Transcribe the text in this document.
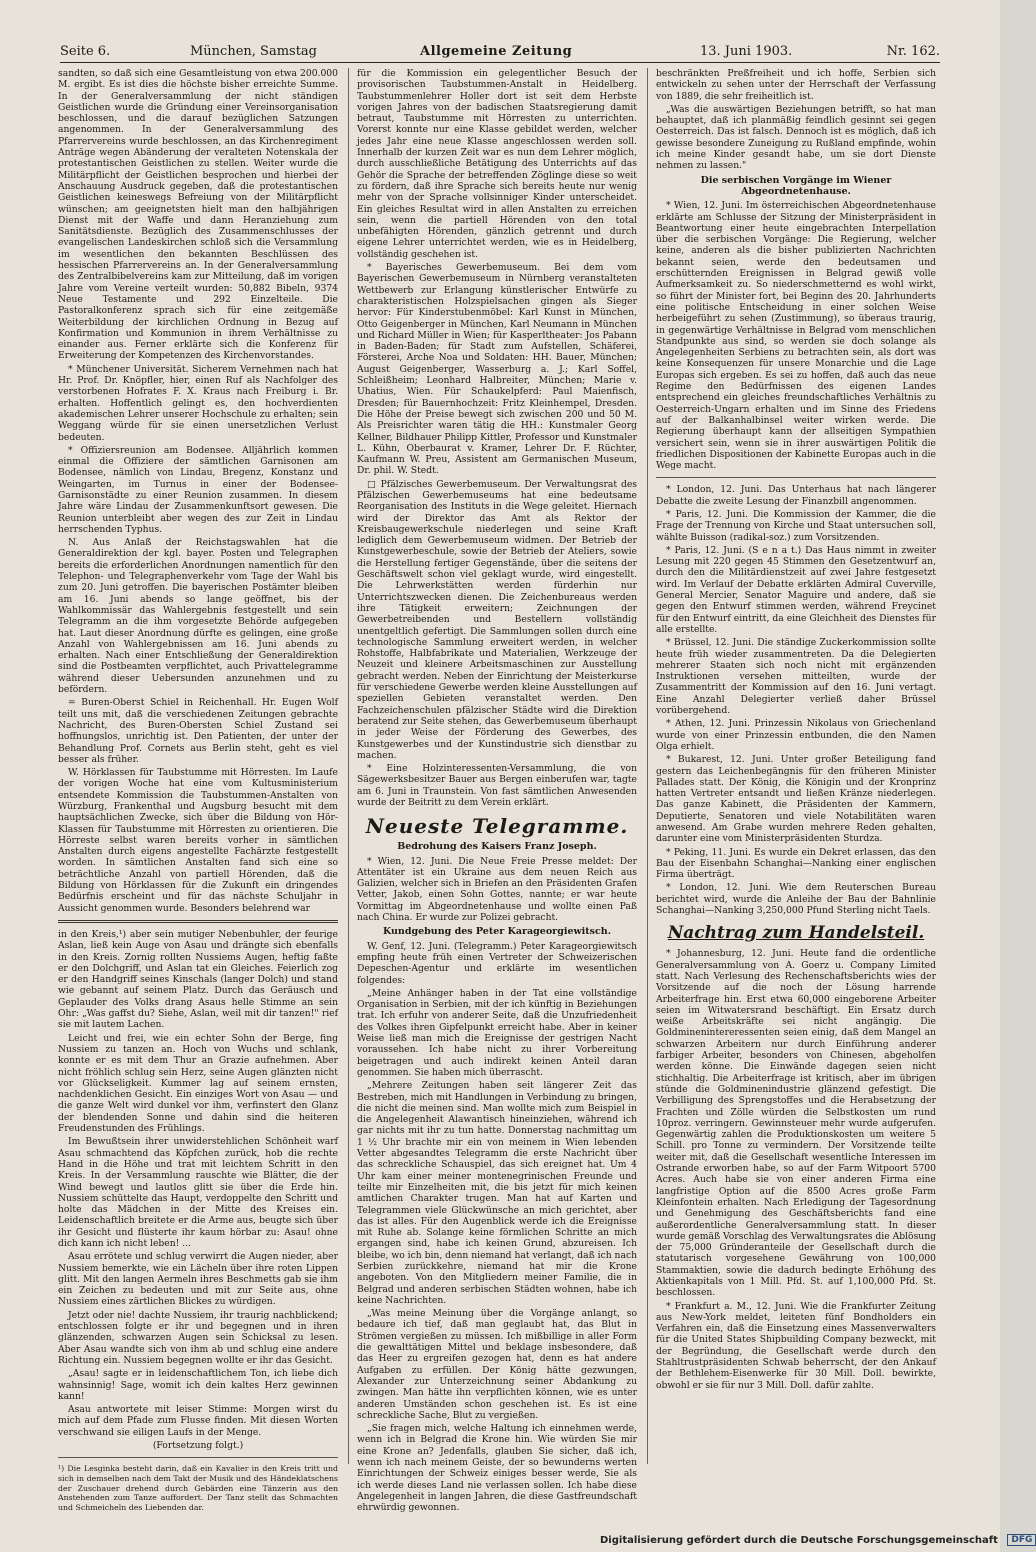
Seite 6.	München, Samstag	Allgemeine Zeitung	13. Juni 1903.	Nr. 162.

sandten, so daß sich eine Gesamtleistung von etwa 200.000 M. ergibt. Es ist dies die höchste bisher erreichte Summe. In der Generalversammlung der nicht ständigen Geistlichen wurde die Gründung einer Vereinsorganisation beschlossen, und die darauf bezüglichen Satzungen angenommen. In der Generalversammlung des Pfarrervereins wurde beschlossen, an das Kirchenregiment Anträge wegen Abänderung der veralteten Notenskala der protestantischen Geistlichen zu stellen. Weiter wurde die Militärpflicht der Geistlichen besprochen und hierbei der Anschauung Ausdruck gegeben, daß die protestantischen Geistlichen keineswegs Befreiung von der Militärpflicht wünschen; am geeignetsten hielt man den halbjährigen Dienst mit der Waffe und dann Heranziehung zum Sanitätsdienste. Bezüglich des Zusammenschlusses der evangelischen Landeskirchen schloß sich die Versammlung im wesentlichen den bekannten Beschlüssen des hessischen Pfarrervereins an. In der Generalversammlung des Zentralbibelvereins kam zur Mitteilung, daß im vorigen Jahre vom Vereine verteilt wurden: 50,882 Bibeln, 9374 Neue Testamente und 292 Einzelteile. Die Pastoralkonferenz sprach sich für eine zeitgemäße Weiterbildung der kirchlichen Ordnung in Bezug auf Konfirmation und Kommunion in ihrem Verhältnisse zu einander aus. Ferner erklärte sich die Konferenz für Erweiterung der Kompetenzen des Kirchenvorstandes.

* Münchener Universität. Sicherem Vernehmen nach hat Hr. Prof. Dr. Knöpfler, hier, einen Ruf als Nachfolger des verstorbenen Hofrates F. X. Kraus nach Freiburg i. Br. erhalten. Hoffentlich gelingt es, den hochverdienten akademischen Lehrer unserer Hochschule zu erhalten; sein Weggang würde für sie einen unersetzlichen Verlust bedeuten.

* Offiziersreunion am Bodensee. Alljährlich kommen einmal die Offiziere der sämtlichen Garnisonen am Bodensee, nämlich von Lindau, Bregenz, Konstanz und Weingarten, im Turnus in einer der Bodensee-Garnisonstädte zu einer Reunion zusammen. In diesem Jahre wäre Lindau der Zusammenkunftsort gewesen. Die Reunion unterbleibt aber wegen des zur Zeit in Lindau herrschenden Typhus.

N. Aus Anlaß der Reichstagswahlen hat die Generaldirektion der kgl. bayer. Posten und Telegraphen bereits die erforderlichen Anordnungen namentlich für den Telephon- und Telegraphenverkehr vom Tage der Wahl bis zum 20. Juni getroffen. Die bayerischen Postämter bleiben am 16. Juni abends so lange geöffnet, bis der Wahlkommissär das Wahlergebnis festgestellt und sein Telegramm an die ihm vorgesetzte Behörde aufgegeben hat. Laut dieser Anordnung dürfte es gelingen, eine große Anzahl von Wahlergebnissen am 16. Juni abends zu erhalten. Nach einer Entschließung der Generaldirektion sind die Postbeamten verpflichtet, auch Privattelegramme während dieser Uebersunden anzunehmen und zu befördern.

= Buren-Oberst Schiel in Reichenhall. Hr. Eugen Wolf teilt uns mit, daß die verschiedenen Zeitungen gebrachte Nachricht, des Buren-Obersten Schiel Zustand sei hoffnungslos, unrichtig ist. Den Patienten, der unter der Behandlung Prof. Cornets aus Berlin steht, geht es viel besser als früher.

W. Hörklassen für Taubstumme mit Hörresten. Im Laufe der vorigen Woche hat eine vom Kultusministerium entsendete Kommission die Taubstummen-Anstalten von Würzburg, Frankenthal und Augsburg besucht mit dem hauptsächlichen Zwecke, sich über die Bildung von Hör-Klassen für Taubstumme mit Hörresten zu orientieren. Die Hörreste selbst waren bereits vorher in sämtlichen Anstalten durch eigens angestellte Fachärzte festgestellt worden. In sämtlichen Anstalten fand sich eine so beträchtliche Anzahl von partiell Hörenden, daß die Bildung von Hörklassen für die Zukunft ein dringendes Bedürfnis erscheint und für das nächste Schuljahr in Aussicht genommen wurde. Besonders belehrend war

in den Kreis,¹) aber sein mutiger Nebenbuhler, der feurige Aslan, ließ kein Auge von Asau und drängte sich ebenfalls in den Kreis. Zornig rollten Nussiems Augen, heftig faßte er den Dolchgriff, und Aslan tat ein Gleiches. Feierlich zog er den Handgriff seines Kinschals (langer Dolch) und stand wie gebannt auf seinem Platz. Durch das Geräusch und Geplauder des Volks drang Asaus helle Stimme an sein Ohr: „Was gaffst du? Siehe, Aslan, weil mit dir tanzen!" rief sie mit lautem Lachen.

Leicht und frei, wie ein echter Sohn der Berge, fing Nussiem zu tanzen an. Hoch von Wuchs und schlank, konnte er es mit dem Thur an Grazie aufnehmen. Aber nicht fröhlich schlug sein Herz, seine Augen glänzten nicht vor Glückseligkeit. Kummer lag auf seinem ernsten, nachdenklichen Gesicht. Ein einziges Wort von Asau — und die ganze Welt wird dunkel vor ihm, verfinstert den Glanz der blendenden Sonne und dahin sind die heiteren Freudenstunden des Frühlings.

Im Bewußtsein ihrer unwiderstehlichen Schönheit warf Asau schmachtend das Köpfchen zurück, hob die rechte Hand in die Höhe und trat mit leichtem Schritt in den Kreis. In der Versammlung rauschte wie Blätter, die der Wind bewegt und lautlos glitt sie über die Erde hin. Nussiem schüttelte das Haupt, verdoppelte den Schritt und holte das Mädchen in der Mitte des Kreises ein. Leidenschaftlich breitete er die Arme aus, beugte sich über ihr Gesicht und flüsterte ihr kaum hörbar zu: Asau! ohne dich kann ich nicht leben! ...

Asau errötete und schlug verwirrt die Augen nieder, aber Nussiem bemerkte, wie ein Lächeln über ihre roten Lippen glitt. Mit den langen Aermeln ihres Beschmetts gab sie ihm ein Zeichen zu bedeuten und mit zur Seite aus, ohne Nussiem eines zärtlichen Blickes zu würdigen.

Jetzt oder nie! dachte Nussiem, ihr traurig nachblickend; entschlossen folgte er ihr und begegnen und in ihren glänzenden, schwarzen Augen sein Schicksal zu lesen. Aber Asau wandte sich von ihm ab und schlug eine andere Richtung ein. Nussiem begegnen wollte er ihr das Gesicht.

„Asau! sagte er in leidenschaftlichem Ton, ich liebe dich wahnsinnig! Sage, womit ich dein kaltes Herz gewinnen kann!

Asau antwortete mit leiser Stimme: Morgen wirst du mich auf dem Pfade zum Flusse finden. Mit diesen Worten verschwand sie eiligen Laufs in der Menge.

(Fortsetzung folgt.)

¹) Die Lesginka besteht darin, daß ein Kavalier in den Kreis tritt und sich in demselben nach dem Takt der Musik und des Händeklatschens der Zuschauer drehend durch Gebärden eine Tänzerin aus den Anstehenden zum Tanze auffordert. Der Tanz stellt das Schmachten und Schmeicheln des Liebenden dar.

für die Kommission ein gelegentlicher Besuch der provisorischen Taubstummen-Anstalt in Heidelberg. Taubstummenlehrer Holler dort ist seit dem Herbste vorigen Jahres von der badischen Staatsregierung damit betraut, Taubstumme mit Hörresten zu unterrichten. Vorerst konnte nur eine Klasse gebildet werden, welcher jedes Jahr eine neue Klasse angeschlossen werden soll. Innerhalb der kurzen Zeit war es nun dem Lehrer möglich, durch ausschließliche Betätigung des Unterrichts auf das Gehör die Sprache der betreffenden Zöglinge diese so weit zu fördern, daß ihre Sprache sich bereits heute nur wenig mehr von der Sprache vollsinniger Kinder unterscheidet. Ein gleiches Resultat wird in allen Anstalten zu erreichen sein, wenn die partiell Hörenden von den total unbefähigten Hörenden, gänzlich getrennt und durch eigene Lehrer unterrichtet werden, wie es in Heidelberg, vollständig geschehen ist.

* Bayerisches Gewerbemuseum. Bei dem vom Bayerischen Gewerbemuseum in Nürnberg veranstalteten Wettbewerb zur Erlangung künstlerischer Entwürfe zu charakteristischen Holzspielsachen gingen als Sieger hervor: Für Kinderstubenmöbel: Karl Kunst in München, Otto Geigenberger in München, Karl Neumann in München und Richard Müller in Wien; für Kasperltheater: Jos Pabann in Baden-Baden; für Stadt zum Aufstellen, Schäferei, Försterei, Arche Noa und Soldaten: HH. Bauer, München; August Geigenberger, Wasserburg a. J.; Karl Soffel, Schleißheim; Leonhard Halbreiter, München; Marie v. Uhatius, Wien. Für Schaukelpferd: Paul Maienfisch, Dresden; für Bauernhochzeit: Fritz Kleinhempel, Dresden. Die Höhe der Preise bewegt sich zwischen 200 und 50 M. Als Preisrichter waren tätig die HH.: Kunstmaler Georg Kellner, Bildhauer Philipp Kittler, Professor und Kunstmaler L. Kühn, Oberbaurat v. Kramer, Lehrer Dr. F. Rüchter, Kaufmann W. Preu, Assistent am Germanischen Museum, Dr. phil. W. Stedt.

□ Pfälzisches Gewerbemuseum. Der Verwaltungsrat des Pfälzischen Gewerbemuseums hat eine bedeutsame Reorganisation des Instituts in die Wege geleitet. Hiernach wird der Direktor das Amt als Rektor der Kreisbaugewerkschule niederlegen und seine Kraft lediglich dem Gewerbemuseum widmen. Der Betrieb der Kunstgewerbeschule, sowie der Betrieb der Ateliers, sowie die Herstellung fertiger Gegenstände, über die seitens der Geschäftswelt schon viel geklagt wurde, wird eingestellt. Die Lehrwerkstätten werden fürderhin nur Unterrichtszwecken dienen. Die Zeichenbureaus werden ihre Tätigkeit erweitern; Zeichnungen der Gewerbetreibenden und Bestellern vollständig unentgeltlich gefertigt. Die Sammlungen sollen durch eine technologische Sammlung erweitert werden, in welcher Rohstoffe, Halbfabrikate und Materialien, Werkzeuge der Neuzeit und kleinere Arbeitsmaschinen zur Ausstellung gebracht werden. Neben der Einrichtung der Meisterkurse für verschiedene Gewerbe werden kleine Ausstellungen auf speziellen Gebieten veranstaltet werden. Den Fachzeichenschulen pfälzischer Städte wird die Direktion beratend zur Seite stehen, das Gewerbemuseum überhaupt in jeder Weise der Förderung des Gewerbes, des Kunstgewerbes und der Kunstindustrie sich dienstbar zu machen.

* Eine Holzinteressenten-Versammlung, die von Sägewerksbesitzer Bauer aus Bergen einberufen war, tagte am 6. Juni in Traunstein. Von fast sämtlichen Anwesenden wurde der Beitritt zu dem Verein erklärt.

Neueste Telegramme.
Bedrohung des Kaisers Franz Joseph.

* Wien, 12. Juni. Die Neue Freie Presse meldet: Der Attentäter ist ein Ukraine aus dem neuen Reich aus Galizien, welcher sich in Briefen an den Präsidenten Grafen Vetter, Jakob, einen Sohn Gottes, nannte; er war heute Vormittag im Abgeordnetenhause und wollte einen Paß nach China. Er wurde zur Polizei gebracht.

Kundgebung des Peter Karageorgiewitsch.

W. Genf, 12. Juni. (Telegramm.) Peter Karageorgiewitsch empfing heute früh einen Vertreter der Schweizerischen Depeschen-Agentur und erklärte im wesentlichen folgendes:

„Meine Anhänger haben in der Tat eine vollständige Organisation in Serbien, mit der ich künftig in Beziehungen trat. Ich erfuhr von anderer Seite, daß die Unzufriedenheit des Volkes ihren Gipfelpunkt erreicht habe. Aber in keiner Weise ließ man mich die Ereignisse der gestrigen Nacht voraussehen. Ich habe nicht zu ihrer Vorbereitung beigetragen und auch indirekt keinen Anteil daran genommen. Sie haben mich überrascht.

„Mehrere Zeitungen haben seit längerer Zeit das Bestreben, mich mit Handlungen in Verbindung zu bringen, die nicht die meinen sind. Man wollte mich zum Beispiel in die Angelegenheit Alawantisch hineinziehen, während ich gar nichts mit ihr zu tun hatte. Donnerstag nachmittag um 1 ½ Uhr brachte mir ein von meinem in Wien lebenden Vetter abgesandtes Telegramm die erste Nachricht über das schreckliche Schauspiel, das sich ereignet hat. Um 4 Uhr kam einer meiner montenegrinischen Freunde und teilte mir Einzelheiten mit, die bis jetzt für mich keinen amtlichen Charakter trugen. Man hat auf Karten und Telegrammen viele Glückwünsche an mich gerichtet, aber das ist alles. Für den Augenblick werde ich die Ereignisse mit Ruhe ab. Solange keine förmlichen Schritte an mich ergangen sind, habe ich keinen Grund, abzureisen. Ich bleibe, wo ich bin, denn niemand hat verlangt, daß ich nach Serbien zurückkehre, niemand hat mir die Krone angeboten. Von den Mitgliedern meiner Familie, die in Belgrad und anderen serbischen Städten wohnen, habe ich keine Nachrichten.

„Was meine Meinung über die Vorgänge anlangt, so bedaure ich tief, daß man geglaubt hat, das Blut in Strömen vergießen zu müssen. Ich mißbillige in aller Form die gewalttätigen Mittel und beklage insbesondere, daß das Heer zu ergreifen gezogen hat, denn es hat andere Aufgaben zu erfüllen. Der König hätte gezwungen, Alexander zur Unterzeichnung seiner Abdankung zu zwingen. Man hätte ihn verpflichten können, wie es unter anderen Umständen schon geschehen ist. Es ist eine schreckliche Sache, Blut zu vergießen.

„Sie fragen mich, welche Haltung ich einnehmen werde, wenn ich in Belgrad die Krone hin. Wie würden Sie mir eine Krone an? Jedenfalls, glauben Sie sicher, daß ich, wenn ich nach meinem Geiste, der so bewunderns werten Einrichtungen der Schweiz einiges besser werde, Sie als ich werde dieses Land nie verlassen sollen. Ich habe diese Angelegenheit in langen Jahren, die diese Gastfreundschaft ehrwürdig gewonnen.

beschränkten Preßfreiheit und ich hoffe, Serbien sich entwickeln zu sehen unter der Herrschaft der Verfassung von 1889, die sehr freiheitlich ist.

„Was die auswärtigen Beziehungen betrifft, so hat man behauptet, daß ich planmäßig feindlich gesinnt sei gegen Oesterreich. Das ist falsch. Dennoch ist es möglich, daß ich gewisse besondere Zuneigung zu Rußland empfinde, wohin ich meine Kinder gesandt habe, um sie dort Dienste nehmen zu lassen."

Die serbischen Vorgänge im Wiener Abgeordnetenhause.

* Wien, 12. Juni. Im österreichischen Abgeordnetenhause erklärte am Schlusse der Sitzung der Ministerpräsident in Beantwortung einer heute eingebrachten Interpellation über die serbischen Vorgänge: Die Regierung, welcher keine, anderen als die bisher publizierten Nachrichten bekannt seien, werde den bedeutsamen und erschütternden Ereignissen in Belgrad gewiß volle Aufmerksamkeit zu. So niederschmetternd es wohl wirkt, so führt der Minister fort, bei Beginn des 20. Jahrhunderts eine politische Entscheidung in einer solchen Weise herbeigeführt zu sehen (Zustimmung), so überaus traurig, in gegenwärtige Verhältnisse in Belgrad vom menschlichen Standpunkte aus sind, so werden sie doch solange als Angelegenheiten Serbiens zu betrachten sein, als dort was keine Konsequenzen für unsere Monarchie und die Lage Europas sich ergeben. Es sei zu hoffen, daß auch das neue Regime den Bedürfnissen des eigenen Landes entsprechend ein gleiches freundschaftliches Verhältnis zu Oesterreich-Ungarn erhalten und im Sinne des Friedens auf der Balkanhalbinsel weiter wirken werde. Die Regierung überhaupt kann der allseitigen Sympathien versichert sein, wenn sie in ihrer auswärtigen Politik die friedlichen Dispositionen der Kabinette Europas auch in die Wege macht.

* London, 12. Juni. Das Unterhaus hat nach längerer Debatte die zweite Lesung der Finanzbill angenommen.

* Paris, 12. Juni. Die Kommission der Kammer, die die Frage der Trennung von Kirche und Staat untersuchen soll, wählte Buisson (radikal-soz.) zum Vorsitzenden.

* Paris, 12. Juni. (S e n a t.) Das Haus nimmt in zweiter Lesung mit 220 gegen 45 Stimmen den Gesetzentwurf an, durch den die Militärdienstzeit auf zwei Jahre festgesetzt wird. Im Verlauf der Debatte erklärten Admiral Cuverville, General Mercier, Senator Maguire und andere, daß sie gegen den Entwurf stimmen werden, während Freycinet für den Entwurf eintritt, da eine Gleichheit des Dienstes für alle erstellte.

* Brüssel, 12. Juni. Die ständige Zuckerkommission sollte heute früh wieder zusammentreten. Da die Delegierten mehrerer Staaten sich noch nicht mit ergänzenden Instruktionen versehen mitteilten, wurde der Zusammentritt der Kommission auf den 16. Juni vertagt. Eine Anzahl Delegierter verließ daher Brüssel vorübergehend.

* Athen, 12. Juni. Prinzessin Nikolaus von Griechenland wurde von einer Prinzessin entbunden, die den Namen Olga erhielt.

* Bukarest, 12. Juni. Unter großer Beteiligung fand gestern das Leichenbegängnis für den früheren Minister Pallades statt. Der König, die Königin und der Kronprinz hatten Vertreter entsandt und ließen Kränze niederlegen. Das ganze Kabinett, die Präsidenten der Kammern, Deputierte, Senatoren und viele Notabilitäten waren anwesend. Am Grabe wurden mehrere Reden gehalten, darunter eine vom Ministerpräsidenten Sturdza.

* Peking, 11. Juni. Es wurde ein Dekret erlassen, das den Bau der Eisenbahn Schanghai—Nanking einer englischen Firma überträgt.

* London, 12. Juni. Wie dem Reuterschen Bureau berichtet wird, wurde die Anleihe der Bau der Bahnlinie Schanghai—Nanking 3,250,000 Pfund Sterling nicht Taels.

Nachtrag zum Handelsteil.

* Johannesburg, 12. Juni. Heute fand die ordentliche Generalversammlung von A. Goerz u. Company Limited statt. Nach Verlesung des Rechenschaftsberichts wies der Vorsitzende auf die noch der Lösung harrende Arbeiterfrage hin. Erst etwa 60,000 eingeborene Arbeiter seien im Witwatersrand beschäftigt. Ein Ersatz durch weiße Arbeitskräfte sei nicht angängig. Die Goldminenintereressenten seien einig, daß dem Mangel an schwarzen Arbeitern nur durch Einführung anderer farbiger Arbeiter, besonders von Chinesen, abgeholfen werden könne. Die Einwände dagegen seien nicht stichhaltig. Die Arbeiterfrage ist kritisch, aber im übrigen stünde die Goldminenindustrie glänzend gefestigt. Die Verbilligung des Sprengstoffes und die Herabsetzung der Frachten und Zölle würden die Selbstkosten um rund 10proz. verringern. Gewinnsteuer mehr wurde aufgerufen. Gegenwärtig zahlen die Produktionskosten um weitere 5 Schill. pro Tonne zu vermindern. Der Vorsitzende teilte weiter mit, daß die Gesellschaft wesentliche Interessen im Ostrande erworben habe, so auf der Farm Witpoort 5700 Acres. Auch habe sie von einer anderen Firma eine langfristige Option auf die 8500 Acres große Farm Kleinfontein erhalten. Nach Erledigung der Tagesordnung und Genehmigung des Geschäftsberichts fand eine außerordentliche Generalversammlung statt. In dieser wurde gemäß Vorschlag des Verwaltungsrates die Ablösung der 75,000 Gründeranteile der Gesellschaft durch die statutarisch vorgesehene Gewährung von 100,000 Stammaktien, sowie die dadurch bedingte Erhöhung des Aktienkapitals von 1 Mill. Pfd. St. auf 1,100,000 Pfd. St. beschlossen.

* Frankfurt a. M., 12. Juni. Wie die Frankfurter Zeitung aus New-York meldet, leiteten fünf Bondholders ein Verfahren ein, daß die Einsetzung eines Massenverwalters für die United States Shipbuilding Company bezweckt, mit der Begründung, die Gesellschaft werde durch den Stahltrustpräsidenten Schwab beherrscht, der den Ankauf der Bethlehem-Eisenwerke für 30 Mill. Doll. bewirkte, obwohl er sie für nur 3 Mill. Doll. dafür zahlte.

Digitalisierung gefördert durch die Deutsche Forschungsgemeinschaft DFG
